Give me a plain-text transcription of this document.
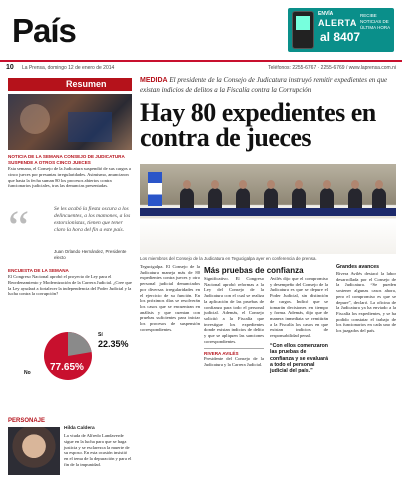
País	ENVÍA
ALERTA
al 8407
RECIBE NOTICIAS DE ÚLTIMA HORA
10 La Prensa, domingo 12 de enero de 2014	Teléfonos: 2255-6767 · 2255-6769 / www.laprensa.com.ni
Resumen
NOTICIA DE LA SEMANA CONSEJO DE JUDICATURA SUSPENDE A OTROS CINCO JUECES
Esta semana, el Consejo de la Judicatura suspendió de sus cargos a cinco jueces por presuntas irregularidades. Asimismo, anunciaron que hasta la fecha suman 80 los procesos abiertos contra funcionarios judiciales, tras las denuncias presentadas.
“	Se les acabó la fiesta oscura a los delincuentes, a los mamones, a los extorsionistas, tienen que tener claro la hora del fin a este país.
Juan Orlando Hernández, Presidente electo
ENCUESTA DE LA SEMANA
El Congreso Nacional aprobó el proyecto de Ley para el Reordenamiento y Modernización de la Carrera Judicial. ¿Cree que la Ley ayudará a fortalecer la independencia del Poder Judicial y la lucha contra la corrupción?
Sí
22.35%
No 77.65%
PERSONAJE
Hilda Caldera
La viuda de Alfredo Landaverde sigue en la lucha para que se haga justicia y se esclarezca la muerte de su esposo. En esta ocasión insistió en el tema de la depuración y para el fin de la impunidad.
MEDIDA El presidente de la Consejo de Judicatura instruyó remitir expedientes en que existan indicios de delitos a la Fiscalía contra la Corrupción
Hay 80 expedientes en contra de jueces
Los miembros del Consejo de la Judicatura en Tegucigalpa ayer en conferencia de prensa.
Tegucigalpa. El Consejo de la Judicatura maneja más de 80 expedientes contra jueces y otro personal judicial denunciados por diversas irregularidades en el ejercicio de su función. En los próximos días se resolverán los casos que se encuentran en análisis y que cuentan con pruebas suficientes para iniciar los procesos de suspensión correspondientes.
Más pruebas de confianza
Significativo. El Congreso Nacional aprobó reformas a la Ley del Consejo de la Judicatura con el cual se realiza la aplicación de las pruebas de confianza para todo el personal judicial. Además, el Consejo solicitó a la Fiscalía que investigue los expedientes donde existan indicios de delito y que se apliquen las sanciones correspondientes.
RIVERA AVILÉS
Presidente del Consejo de la Judicatura y la Carrera Judicial.
Avilés dijo que el compromiso y desempeño del Consejo de la Judicatura es que se depure el Poder Judicial, sin distinción de cargos. Indicó que se tomarán decisiones en tiempo y forma. Además, dijo que de manera inmediata se remitirán a la Fiscalía los casos en que existan indicios de responsabilidad penal.
“Con ellos comenzaron las pruebas de confianza y se evaluará a todo el personal judicial del país.”
Grandes avances
Rivera Avilés destacó la labor desarrollada por el Consejo de la Judicatura. “Se pueden sostener algunas casos ahora, pero el compromiso es que se depure”, declaró. La oficina de la Judicatura ya ha enviado a la Fiscalía los expedientes, y se ha podido constatar el trabajo de los funcionarios en cada uno de los juzgados del país.
